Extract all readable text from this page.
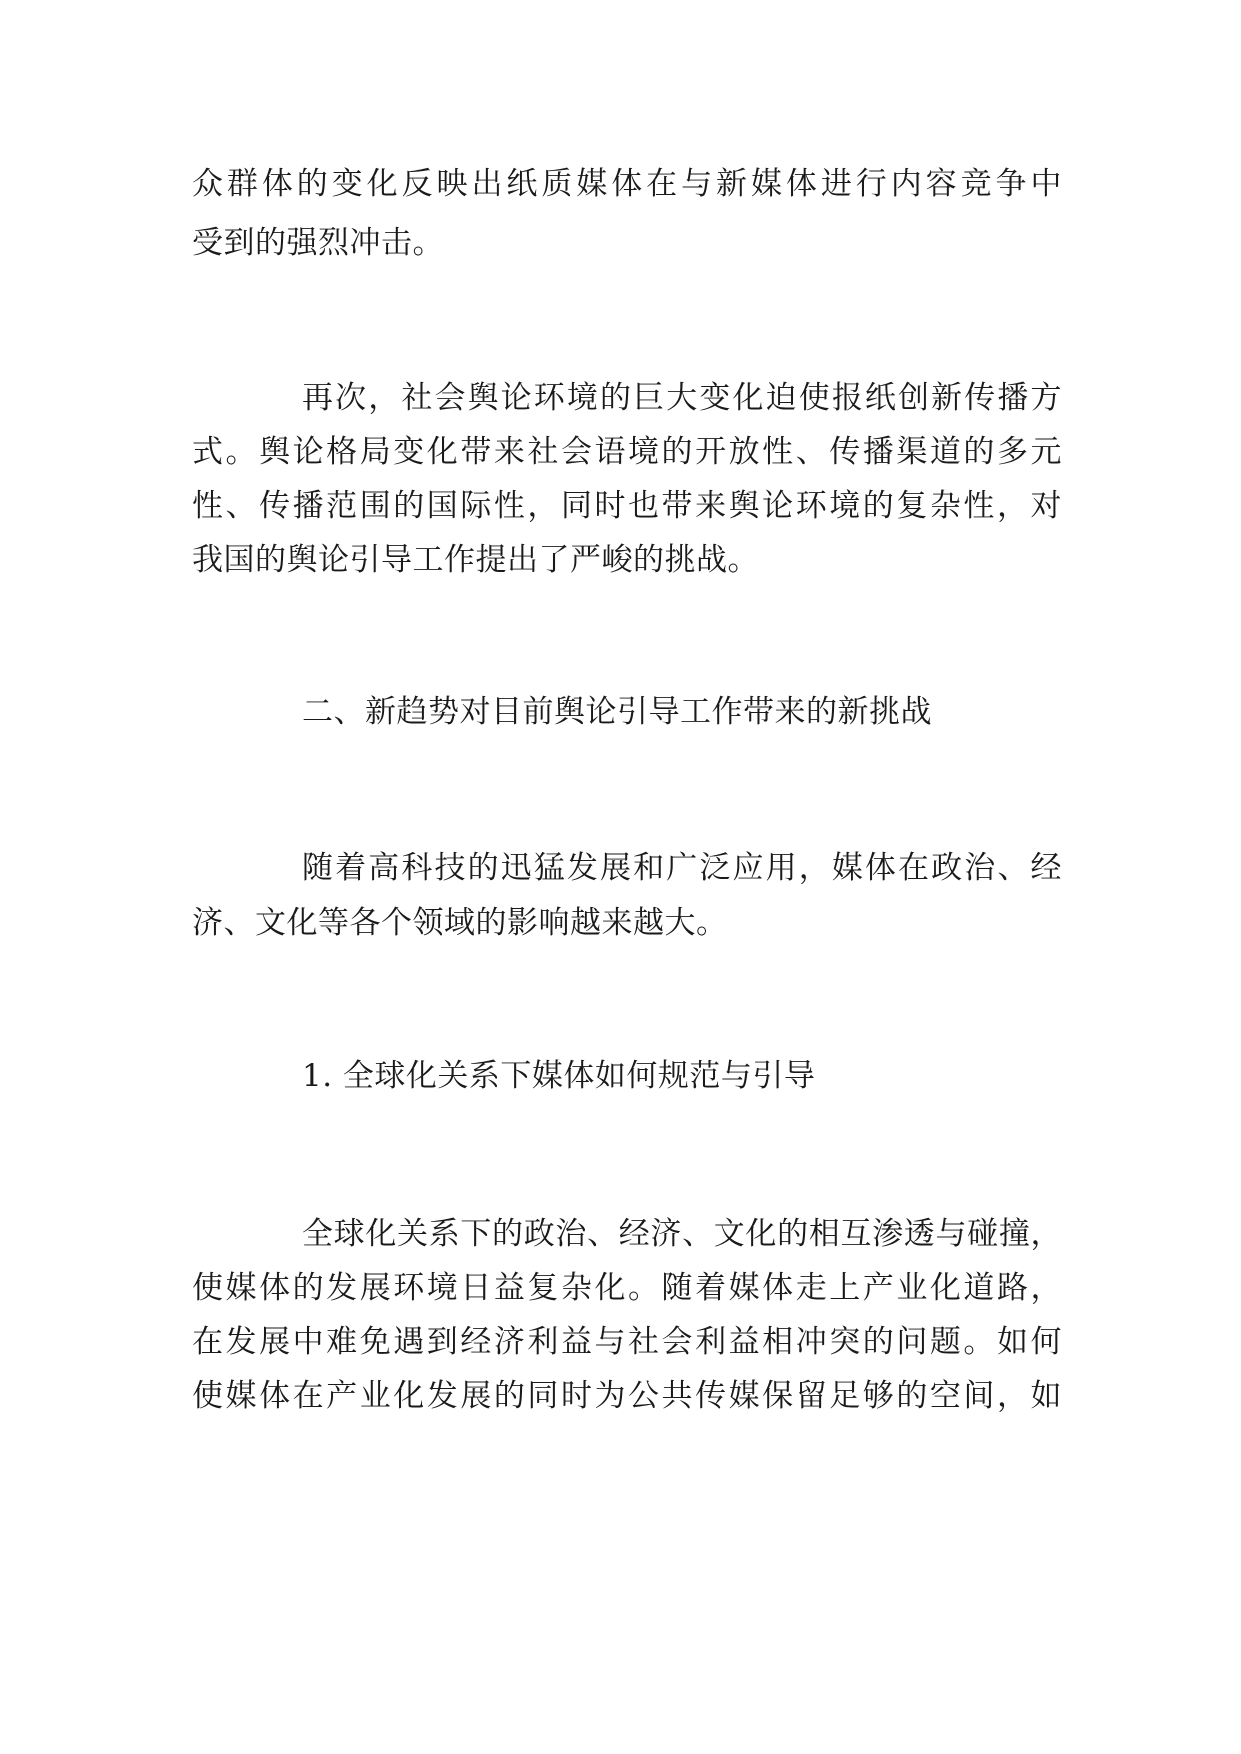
众群体的变化反映出纸质媒体在与新媒体进行内容竞争中
受到的强烈冲击。
再次，社会舆论环境的巨大变化迫使报纸创新传播方
式。舆论格局变化带来社会语境的开放性、传播渠道的多元
性、传播范围的国际性，同时也带来舆论环境的复杂性，对
我国的舆论引导工作提出了严峻的挑战。
二、新趋势对目前舆论引导工作带来的新挑战
随着高科技的迅猛发展和广泛应用，媒体在政治、经
济、文化等各个领域的影响越来越大。
1. 全球化关系下媒体如何规范与引导
全球化关系下的政治、经济、文化的相互渗透与碰撞，
使媒体的发展环境日益复杂化。随着媒体走上产业化道路，
在发展中难免遇到经济利益与社会利益相冲突的问题。如何
使媒体在产业化发展的同时为公共传媒保留足够的空间，如
